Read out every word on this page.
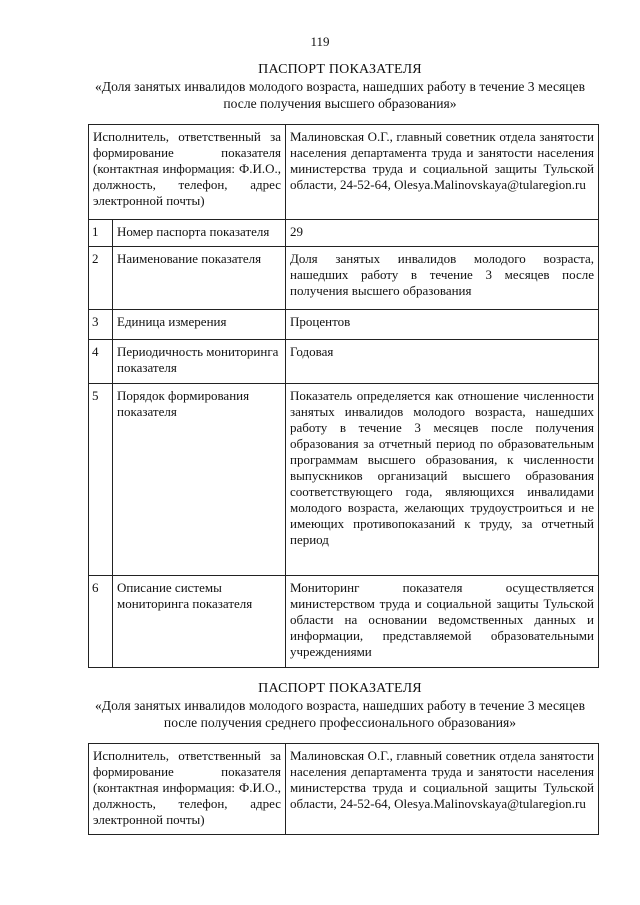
119
ПАСПОРТ ПОКАЗАТЕЛЯ
«Доля занятых инвалидов молодого возраста, нашедших работу в течение 3 месяцев после получения высшего образования»
Исполнитель, ответственный за формирование показателя (контактная информация: Ф.И.О., должность, телефон, адрес электронной почты)		Малиновская О.Г., главный советник отдела занятости населения департамента труда и занятости населения министерства труда и социальной защиты Тульской области, 24-52-64, Olesya.Malinovskaya@tularegion.ru
1	Номер паспорта показателя	29
2	Наименование показателя	Доля занятых инвалидов молодого возраста, нашедших работу в течение 3 месяцев после получения высшего образования
3	Единица измерения	Процентов
4	Периодичность мониторинга показателя	Годовая
5	Порядок формирования показателя	Показатель определяется как отношение численности занятых инвалидов молодого возраста, нашедших работу в течение 3 месяцев после получения образования за отчетный период по образовательным программам высшего образования, к численности выпускников организаций высшего образования соответствующего года, являющихся инвалидами молодого возраста, желающих трудоустроиться и не имеющих противопоказаний к труду, за отчетный период
6	Описание системы мониторинга показателя	Мониторинг показателя осуществляется министерством труда и социальной защиты Тульской области на основании ведомственных данных и информации, представляемой образовательными учреждениями
ПАСПОРТ ПОКАЗАТЕЛЯ
«Доля занятых инвалидов молодого возраста, нашедших работу в течение 3 месяцев после получения среднего профессионального образования»
Исполнитель, ответственный за формирование показателя (контактная информация: Ф.И.О., должность, телефон, адрес электронной почты)	Малиновская О.Г., главный советник отдела занятости населения департамента труда и занятости населения министерства труда и социальной защиты Тульской области, 24-52-64, Olesya.Malinovskaya@tularegion.ru
